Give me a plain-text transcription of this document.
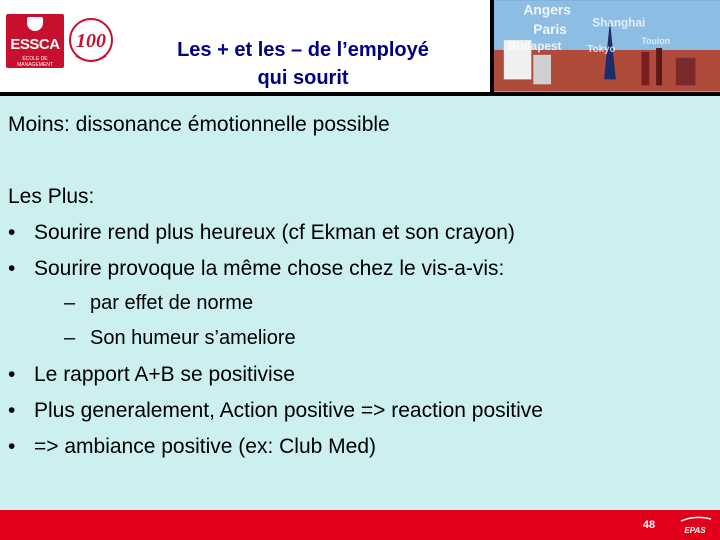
ESSCA
ÉCOLE DE MANAGEMENT
100	Les + et les – de l’employé
qui sourit
Angers
Shanghai
Paris
Budapest	Tokyo
Toulon
Moins: dissonance émotionnelle possible
Les Plus:
• Sourire rend plus heureux (cf Ekman et son crayon)
• Sourire provoque la même chose chez le vis-a-vis:
– par effet de norme
– Son humeur s’ameliore
• Le rapport A+B se positivise
• Plus generalement, Action positive => reaction positive
• => ambiance positive (ex: Club Med)
48	EPAS
